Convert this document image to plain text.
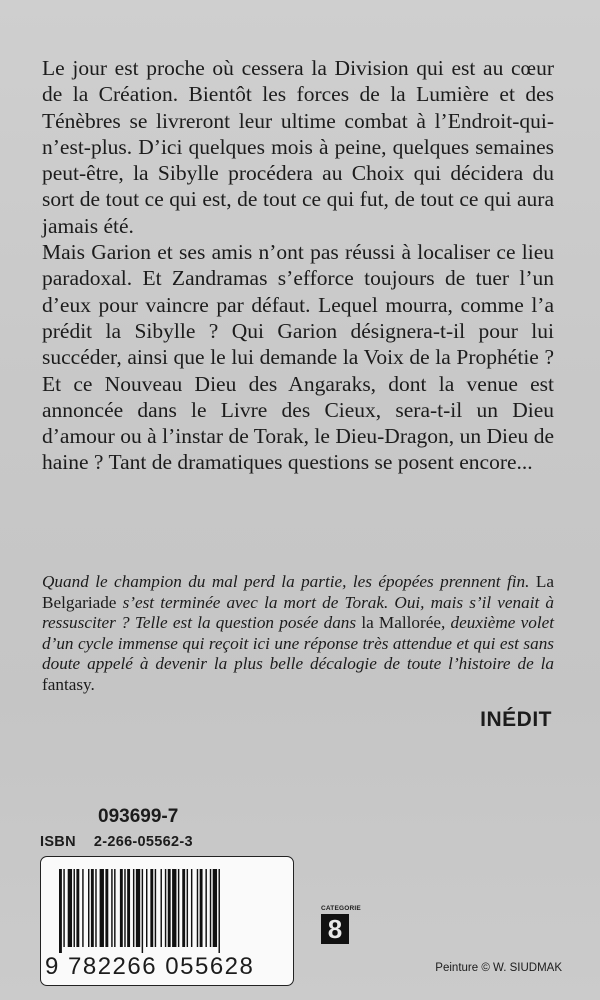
Le jour est proche où cessera la Division qui est au cœur de la Création. Bientôt les forces de la Lumière et des Ténèbres se livreront leur ultime combat à l’Endroit-qui-n’est-plus. D’ici quelques mois à peine, quelques semaines peut-être, la Sibylle procédera au Choix qui décidera du sort de tout ce qui est, de tout ce qui fut, de tout ce qui aura jamais été.

Mais Garion et ses amis n’ont pas réussi à localiser ce lieu paradoxal. Et Zandramas s’efforce toujours de tuer l’un d’eux pour vaincre par défaut. Lequel mourra, comme l’a prédit la Sibylle ? Qui Garion désignera-t-il pour lui succéder, ainsi que le lui demande la Voix de la Prophétie ? Et ce Nouveau Dieu des Angaraks, dont la venue est annoncée dans le Livre des Cieux, sera-t-il un Dieu d’amour ou à l’instar de Torak, le Dieu-Dragon, un Dieu de haine ? Tant de dramatiques questions se posent encore...

Quand le champion du mal perd la partie, les épopées prennent fin. La Belgariade s’est terminée avec la mort de Torak. Oui, mais s’il venait à ressusciter ? Telle est la question posée dans la Mallorée, deuxième volet d’un cycle immense qui reçoit ici une réponse très attendue et qui est sans doute appelé à devenir la plus belle décalogie de toute l’histoire de la fantasy.

INÉDIT
093699-7
ISBN 2-266-05562-3
9 782266 055628
CATEGORIE
8
Peinture © W. SIUDMAK
